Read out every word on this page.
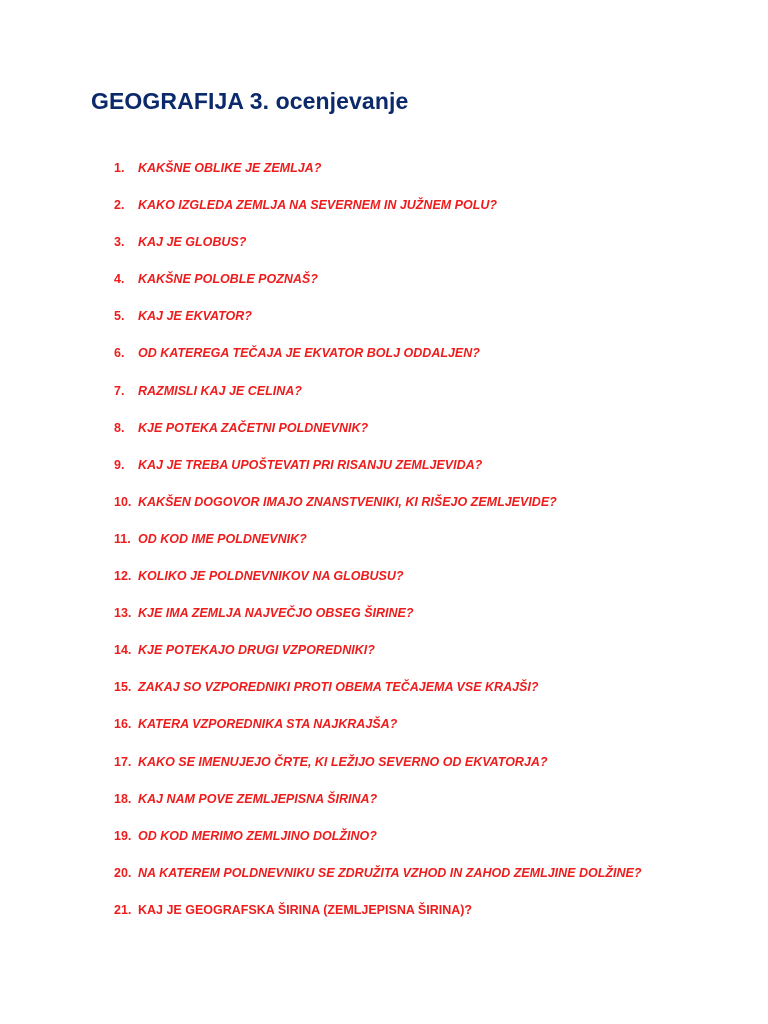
GEOGRAFIJA 3. ocenjevanje
1. KAKŠNE OBLIKE JE ZEMLJA?
2. KAKO IZGLEDA ZEMLJA NA SEVERNEM IN JUŽNEM POLU?
3. KAJ JE GLOBUS?
4. KAKŠNE POLOBLE POZNAŠ?
5. KAJ JE EKVATOR?
6. OD KATEREGA TEČAJA JE EKVATOR BOLJ ODDALJEN?
7. RAZMISLI KAJ JE CELINA?
8. KJE POTEKA ZAČETNI POLDNEVNIK?
9. KAJ JE TREBA UPOŠTEVATI PRI RISANJU ZEMLJEVIDA?
10. KAKŠEN DOGOVOR IMAJO ZNANSTVENIKI, KI RIŠEJO ZEMLJEVIDE?
11. OD KOD IME POLDNEVNIK?
12. KOLIKO JE POLDNEVNIKOV NA GLOBUSU?
13. KJE IMA ZEMLJA NAJVEČJO OBSEG ŠIRINE?
14. KJE POTEKAJO DRUGI VZPOREDNIKI?
15. ZAKAJ SO VZPOREDNIKI PROTI OBEMA TEČAJEMA VSE KRAJŠI?
16. KATERA VZPOREDNIKA STA NAJKRAJŠA?
17. KAKO SE IMENUJEJO ČRTE, KI LEŽIJO SEVERNO OD EKVATORJA?
18. KAJ NAM POVE ZEMLJEPISNA ŠIRINA?
19. OD KOD MERIMO ZEMLJINO DOLŽINO?
20. NA KATEREM POLDNEVNIKU SE ZDRUŽITA VZHOD IN ZAHOD ZEMLJINE DOLŽINE?
21. KAJ JE GEOGRAFSKA ŠIRINA (ZEMLJEPISNA ŠIRINA)?
